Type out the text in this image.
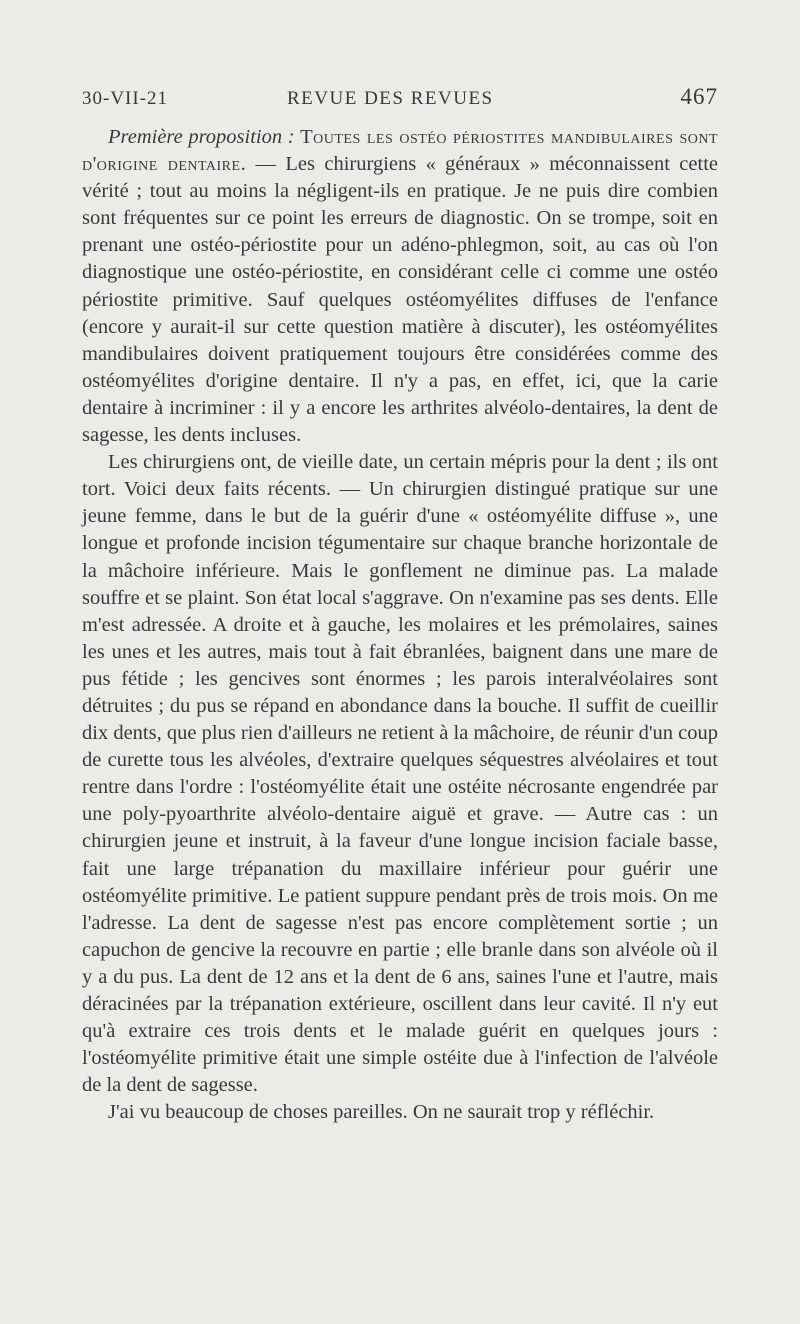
30-VII-21	REVUE DES REVUES	467

Première proposition : Toutes les ostéo périostites mandibulaires sont d'origine dentaire. — Les chirurgiens « généraux » méconnaissent cette vérité ; tout au moins la négligent-ils en pratique. Je ne puis dire combien sont fréquentes sur ce point les erreurs de diagnostic. On se trompe, soit en prenant une ostéo-périostite pour un adéno-phlegmon, soit, au cas où l'on diagnostique une ostéo-périostite, en considérant celle ci comme une ostéo périostite primitive. Sauf quelques ostéomyélites diffuses de l'enfance (encore y aurait-il sur cette question matière à discuter), les ostéomyélites mandibulaires doivent pratiquement toujours être considérées comme des ostéomyélites d'origine dentaire. Il n'y a pas, en effet, ici, que la carie dentaire à incriminer : il y a encore les arthrites alvéolo-dentaires, la dent de sagesse, les dents incluses.

Les chirurgiens ont, de vieille date, un certain mépris pour la dent ; ils ont tort. Voici deux faits récents. — Un chirurgien distingué pratique sur une jeune femme, dans le but de la guérir d'une « ostéomyélite diffuse », une longue et profonde incision tégumentaire sur chaque branche horizontale de la mâchoire inférieure. Mais le gonflement ne diminue pas. La malade souffre et se plaint. Son état local s'aggrave. On n'examine pas ses dents. Elle m'est adressée. A droite et à gauche, les molaires et les prémolaires, saines les unes et les autres, mais tout à fait ébranlées, baignent dans une mare de pus fétide ; les gencives sont énormes ; les parois interalvéolaires sont détruites ; du pus se répand en abondance dans la bouche. Il suffit de cueillir dix dents, que plus rien d'ailleurs ne retient à la mâchoire, de réunir d'un coup de curette tous les alvéoles, d'extraire quelques séquestres alvéolaires et tout rentre dans l'ordre : l'ostéomyélite était une ostéite nécrosante engendrée par une poly-pyoarthrite alvéolo-dentaire aiguë et grave. — Autre cas : un chirurgien jeune et instruit, à la faveur d'une longue incision faciale basse, fait une large trépanation du maxillaire inférieur pour guérir une ostéomyélite primitive. Le patient suppure pendant près de trois mois. On me l'adresse. La dent de sagesse n'est pas encore complètement sortie ; un capuchon de gencive la recouvre en partie ; elle branle dans son alvéole où il y a du pus. La dent de 12 ans et la dent de 6 ans, saines l'une et l'autre, mais déracinées par la trépanation extérieure, oscillent dans leur cavité. Il n'y eut qu'à extraire ces trois dents et le malade guérit en quelques jours : l'ostéomyélite primitive était une simple ostéite due à l'infection de l'alvéole de la dent de sagesse.

J'ai vu beaucoup de choses pareilles. On ne saurait trop y réfléchir.
